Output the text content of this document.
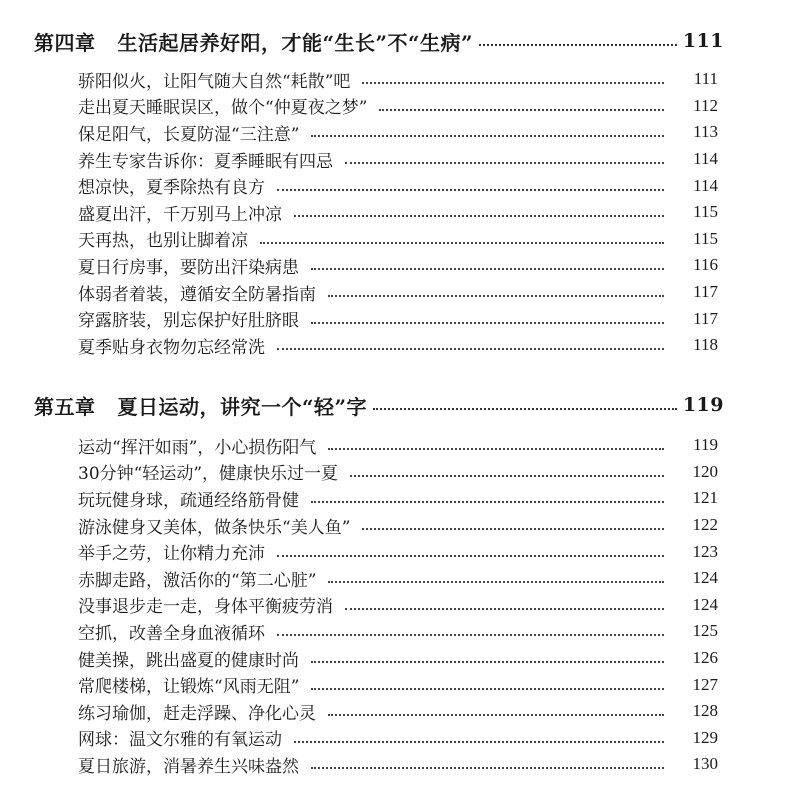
第四章 生活起居养好阳，才能“生长”不“生病”	111
骄阳似火，让阳气随大自然“耗散”吧	111
走出夏天睡眠误区，做个“仲夏夜之梦”	112
保足阳气，长夏防湿“三注意”	113
养生专家告诉你：夏季睡眠有四忌	114
想凉快，夏季除热有良方	114
盛夏出汗，千万别马上冲凉	115
天再热，也别让脚着凉	115
夏日行房事，要防出汗染病患	116
体弱者着装，遵循安全防暑指南	117
穿露脐装，别忘保护好肚脐眼	117
夏季贴身衣物勿忘经常洗	118
第五章 夏日运动，讲究一个“轻”字	119
运动“挥汗如雨”，小心损伤阳气	119
30分钟“轻运动”，健康快乐过一夏	120
玩玩健身球，疏通经络筋骨健	121
游泳健身又美体，做条快乐“美人鱼”	122
举手之劳，让你精力充沛	123
赤脚走路，激活你的“第二心脏”	124
没事退步走一走，身体平衡疲劳消	124
空抓，改善全身血液循环	125
健美操，跳出盛夏的健康时尚	126
常爬楼梯，让锻炼“风雨无阻”	127
练习瑜伽，赶走浮躁、净化心灵	128
网球：温文尔雅的有氧运动	129
夏日旅游，消暑养生兴味盎然	130
